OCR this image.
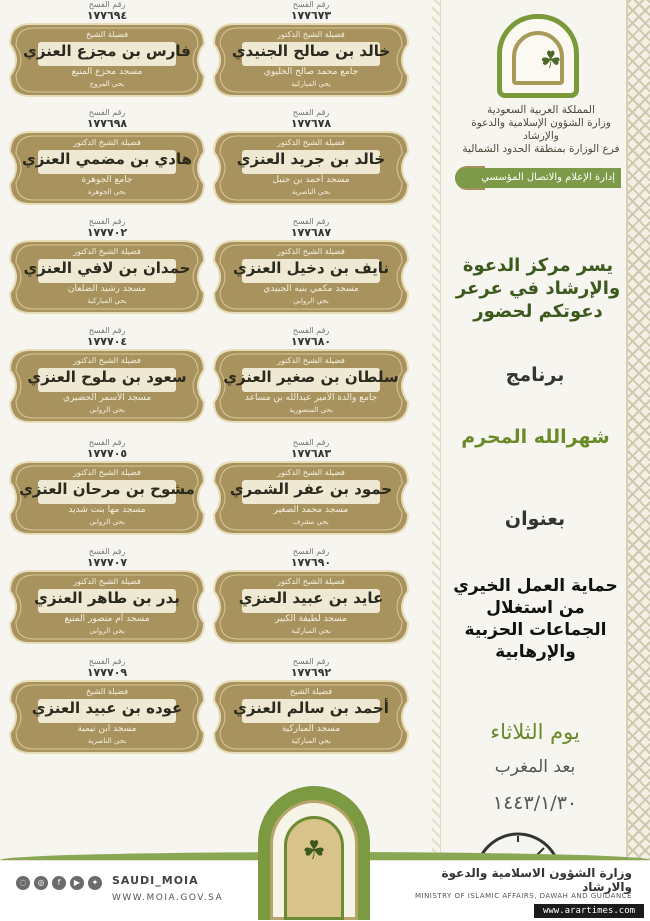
☘
المملكة العربية السعودية
وزارة الشؤون الإسلامية والدعوة والإرشاد
فرع الوزارة بمنطقة الحدود الشمالية
إدارة الإعلام والاتصال المؤسسي
يسر مركز الدعوة والإرشاد في عرعر دعوتكم لحضور
برنامج
شهرالله المحرم
بعنوان
حماية العمل الخيري من استغلال الجماعات الحزبية والإرهابية
يوم الثلاثاء
بعد المغرب
١٤٤٣/١/٣٠
رقم الفسح
١٧٧٦٧٣
فضيلة الشيخ الدكتور
خالد بن صالح الجنيدي
جامع محمد صالح الخليوي
بحي المباركية
رقم الفسح
١٧٧٦٧٨
فضيلة الشيخ الدكتور
خالد بن جريد العنزي
مسجد أحمد بن حنبل
بحي الناصرية
رقم الفسح
١٧٧٦٨٧
فضيلة الشيخ الدكتور
نايف بن دخيل العنزي
مسجد مكمي بنيه الجبيدي
بحي الروابي
رقم الفسح
١٧٧٦٨٠
فضيلة الشيخ الدكتور
سلطان بن صغير العنزي
جامع والدة الأمير عبدالله بن مساعد
بحي المنصورية
رقم الفسح
١٧٧٦٨٣
فضيلة الشيخ الدكتور
حمود بن عفر الشمري
مسجد محمد الصغير
بحي مشرف
رقم الفسح
١٧٧٦٩٠
فضيلة الشيخ الدكتور
عايد بن عبيد العنزي
مسجد لطيفة الكبير
بحي المباركية
رقم الفسح
١٧٧٦٩٢
فضيلة الشيخ
أحمد بن سالم العنزي
مسجد المباركية
بحي المباركية
رقم الفسح
١٧٧٦٩٤
فضيلة الشيخ
فارس بن مجزع العنزي
مسجد مجزع المنيع
بحي المروج
رقم الفسح
١٧٧٦٩٨
فضيلة الشيخ الدكتور
هادي بن مضمي العنزي
جامع الجوهرة
بحي الجوهرة
رقم الفسح
١٧٧٧٠٢
فضيلة الشيخ الدكتور
حمدان بن لافي العنزي
مسجد رشيد الضلعان
بحي المباركية
رقم الفسح
١٧٧٧٠٤
فضيلة الشيخ الدكتور
سعود بن ملوح العنزي
مسجد الأسمر الحضيري
بحي الروابي
رقم الفسح
١٧٧٧٠٥
فضيلة الشيخ الدكتور
مشوح بن مرحان العنزي
مسجد مها بنت شديد
بحي الروابي
رقم الفسح
١٧٧٧٠٧
فضيلة الشيخ الدكتور
بدر بن طاهر العنزي
مسجد أم منصور المنيع
بحي الروابي
رقم الفسح
١٧٧٧٠٩
فضيلة الشيخ
عوده بن عبيد العنزي
مسجد ابن تيمية
بحي الناصرية
☘
وزارة الشؤون الاسلامية والدعوة والارشاد
MINISTRY OF ISLAMIC AFFAIRS, DAWAH AND GUIDANCE
SAUDI_MOIA
WWW.MOIA.GOV.SA
◌	◎	f	▶	✦
www.arartimes.com
